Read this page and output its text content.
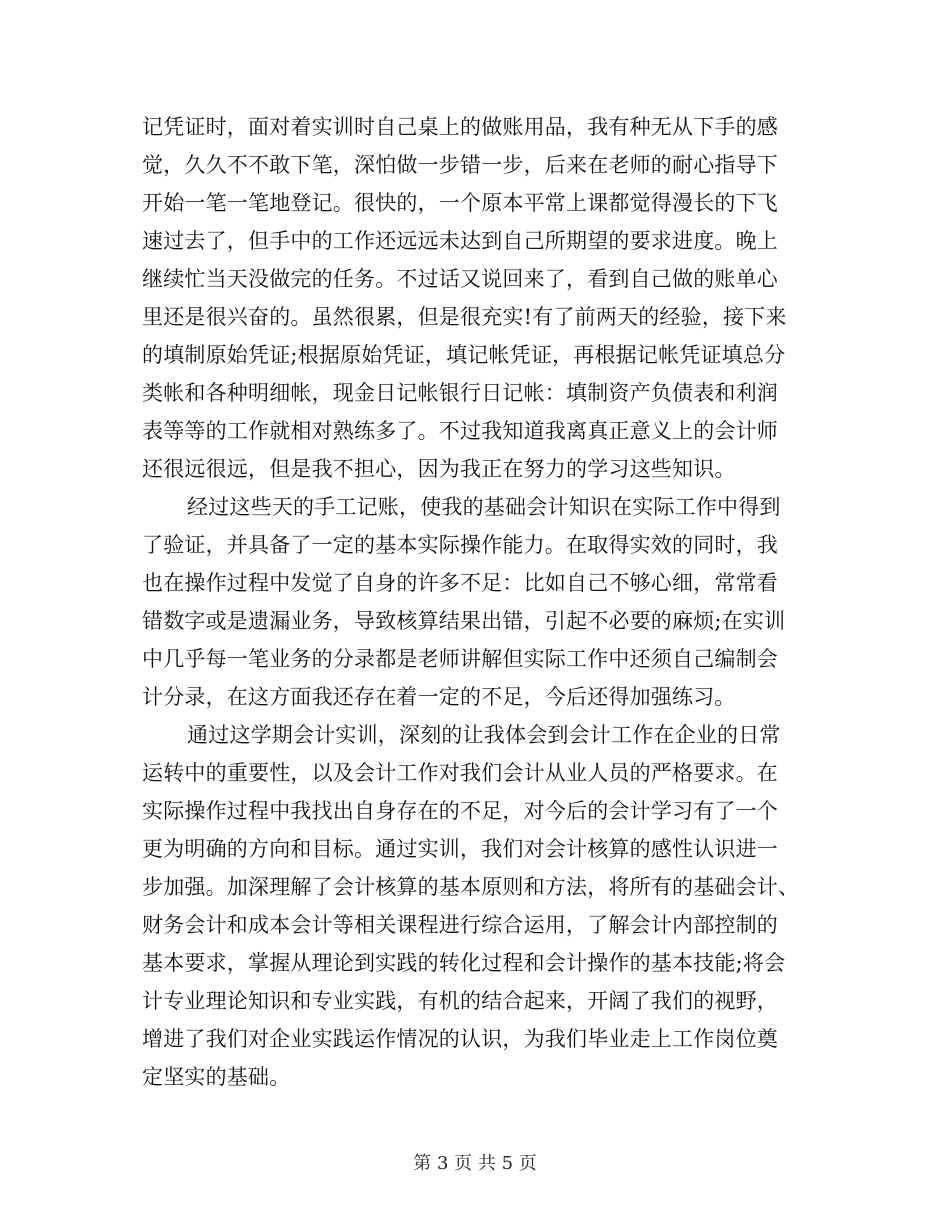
记凭证时，面对着实训时自己桌上的做账用品，我有种无从下手的感
觉，久久不不敢下笔，深怕做一步错一步，后来在老师的耐心指导下
开始一笔一笔地登记。很快的，一个原本平常上课都觉得漫长的下飞
速过去了，但手中的工作还远远未达到自己所期望的要求进度。晚上
继续忙当天没做完的任务。不过话又说回来了，看到自己做的账单心
里还是很兴奋的。虽然很累，但是很充实!有了前两天的经验，接下来
的填制原始凭证;根据原始凭证，填记帐凭证，再根据记帐凭证填总分
类帐和各种明细帐，现金日记帐银行日记帐：填制资产负债表和利润
表等等的工作就相对熟练多了。不过我知道我离真正意义上的会计师
还很远很远，但是我不担心，因为我正在努力的学习这些知识。
经过这些天的手工记账，使我的基础会计知识在实际工作中得到
了验证，并具备了一定的基本实际操作能力。在取得实效的同时，我
也在操作过程中发觉了自身的许多不足：比如自己不够心细，常常看
错数字或是遗漏业务，导致核算结果出错，引起不必要的麻烦;在实训
中几乎每一笔业务的分录都是老师讲解但实际工作中还须自己编制会
计分录，在这方面我还存在着一定的不足，今后还得加强练习。
通过这学期会计实训，深刻的让我体会到会计工作在企业的日常
运转中的重要性，以及会计工作对我们会计从业人员的严格要求。在
实际操作过程中我找出自身存在的不足，对今后的会计学习有了一个
更为明确的方向和目标。通过实训，我们对会计核算的感性认识进一
步加强。加深理解了会计核算的基本原则和方法，将所有的基础会计、
财务会计和成本会计等相关课程进行综合运用，了解会计内部控制的
基本要求，掌握从理论到实践的转化过程和会计操作的基本技能;将会
计专业理论知识和专业实践，有机的结合起来，开阔了我们的视野，
增进了我们对企业实践运作情况的认识，为我们毕业走上工作岗位奠
定坚实的基础。
第 3 页 共 5 页
